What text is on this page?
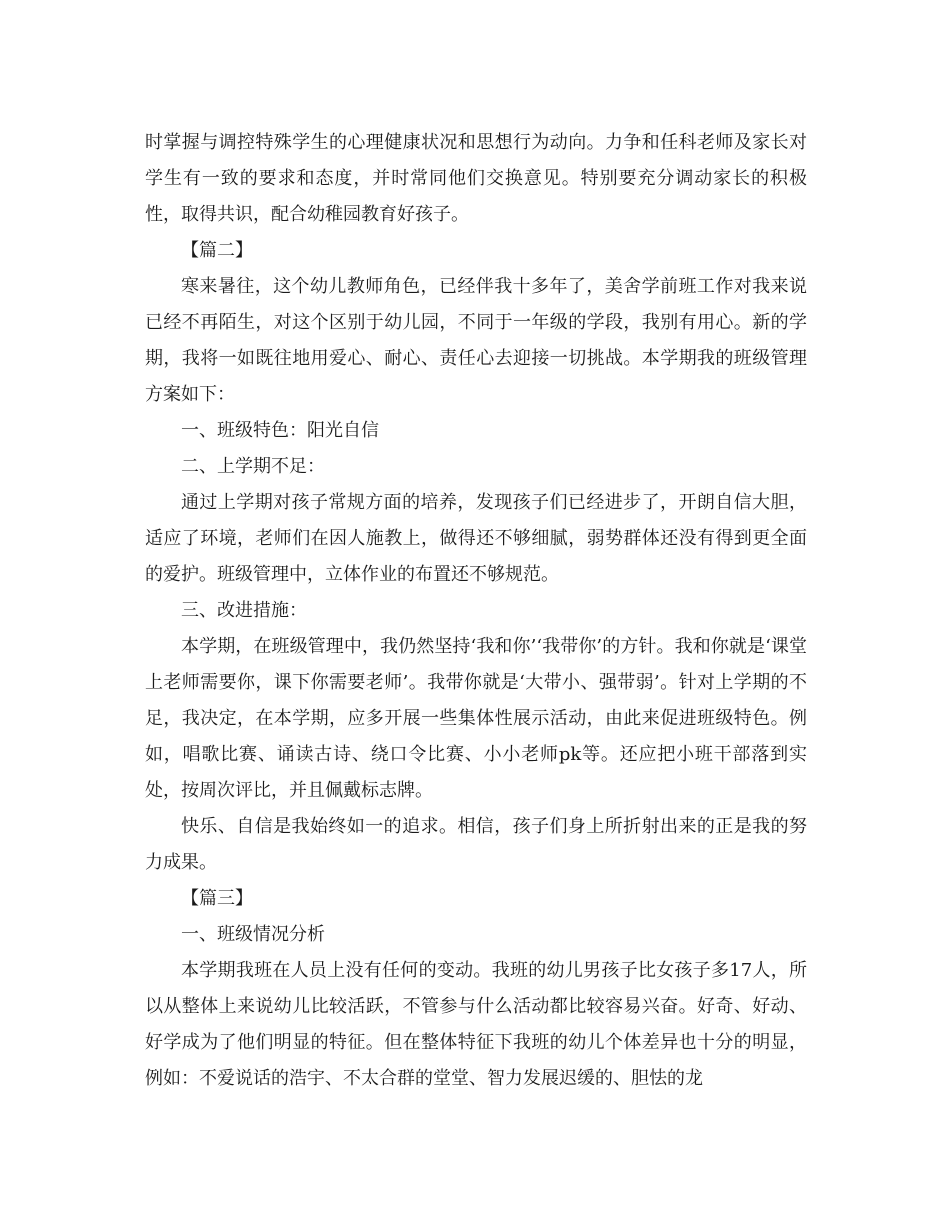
时掌握与调控特殊学生的心理健康状况和思想行为动向。力争和任科老师及家长对学生有一致的要求和态度，并时常同他们交换意见。特别要充分调动家长的积极性，取得共识，配合幼稚园教育好孩子。

【篇二】

寒来暑往，这个幼儿教师角色，已经伴我十多年了，美舍学前班工作对我来说已经不再陌生，对这个区别于幼儿园，不同于一年级的学段，我别有用心。新的学期，我将一如既往地用爱心、耐心、责任心去迎接一切挑战。本学期我的班级管理方案如下：

一、班级特色：阳光自信

二、上学期不足：

通过上学期对孩子常规方面的培养，发现孩子们已经进步了，开朗自信大胆，适应了环境，老师们在因人施教上，做得还不够细腻，弱势群体还没有得到更全面的爱护。班级管理中，立体作业的布置还不够规范。

三、改进措施：

本学期，在班级管理中，我仍然坚持‘我和你’‘我带你’的方针。我和你就是‘课堂上老师需要你，课下你需要老师’。我带你就是‘大带小、强带弱’。针对上学期的不足，我决定，在本学期，应多开展一些集体性展示活动，由此来促进班级特色。例如，唱歌比赛、诵读古诗、绕口令比赛、小小老师pk等。还应把小班干部落到实处，按周次评比，并且佩戴标志牌。

快乐、自信是我始终如一的追求。相信，孩子们身上所折射出来的正是我的努力成果。

【篇三】

一、班级情况分析

本学期我班在人员上没有任何的变动。我班的幼儿男孩子比女孩子多17人，所以从整体上来说幼儿比较活跃，不管参与什么活动都比较容易兴奋。好奇、好动、好学成为了他们明显的特征。但在整体特征下我班的幼儿个体差异也十分的明显，例如：不爱说话的浩宇、不太合群的堂堂、智力发展迟缓的、胆怯的龙
